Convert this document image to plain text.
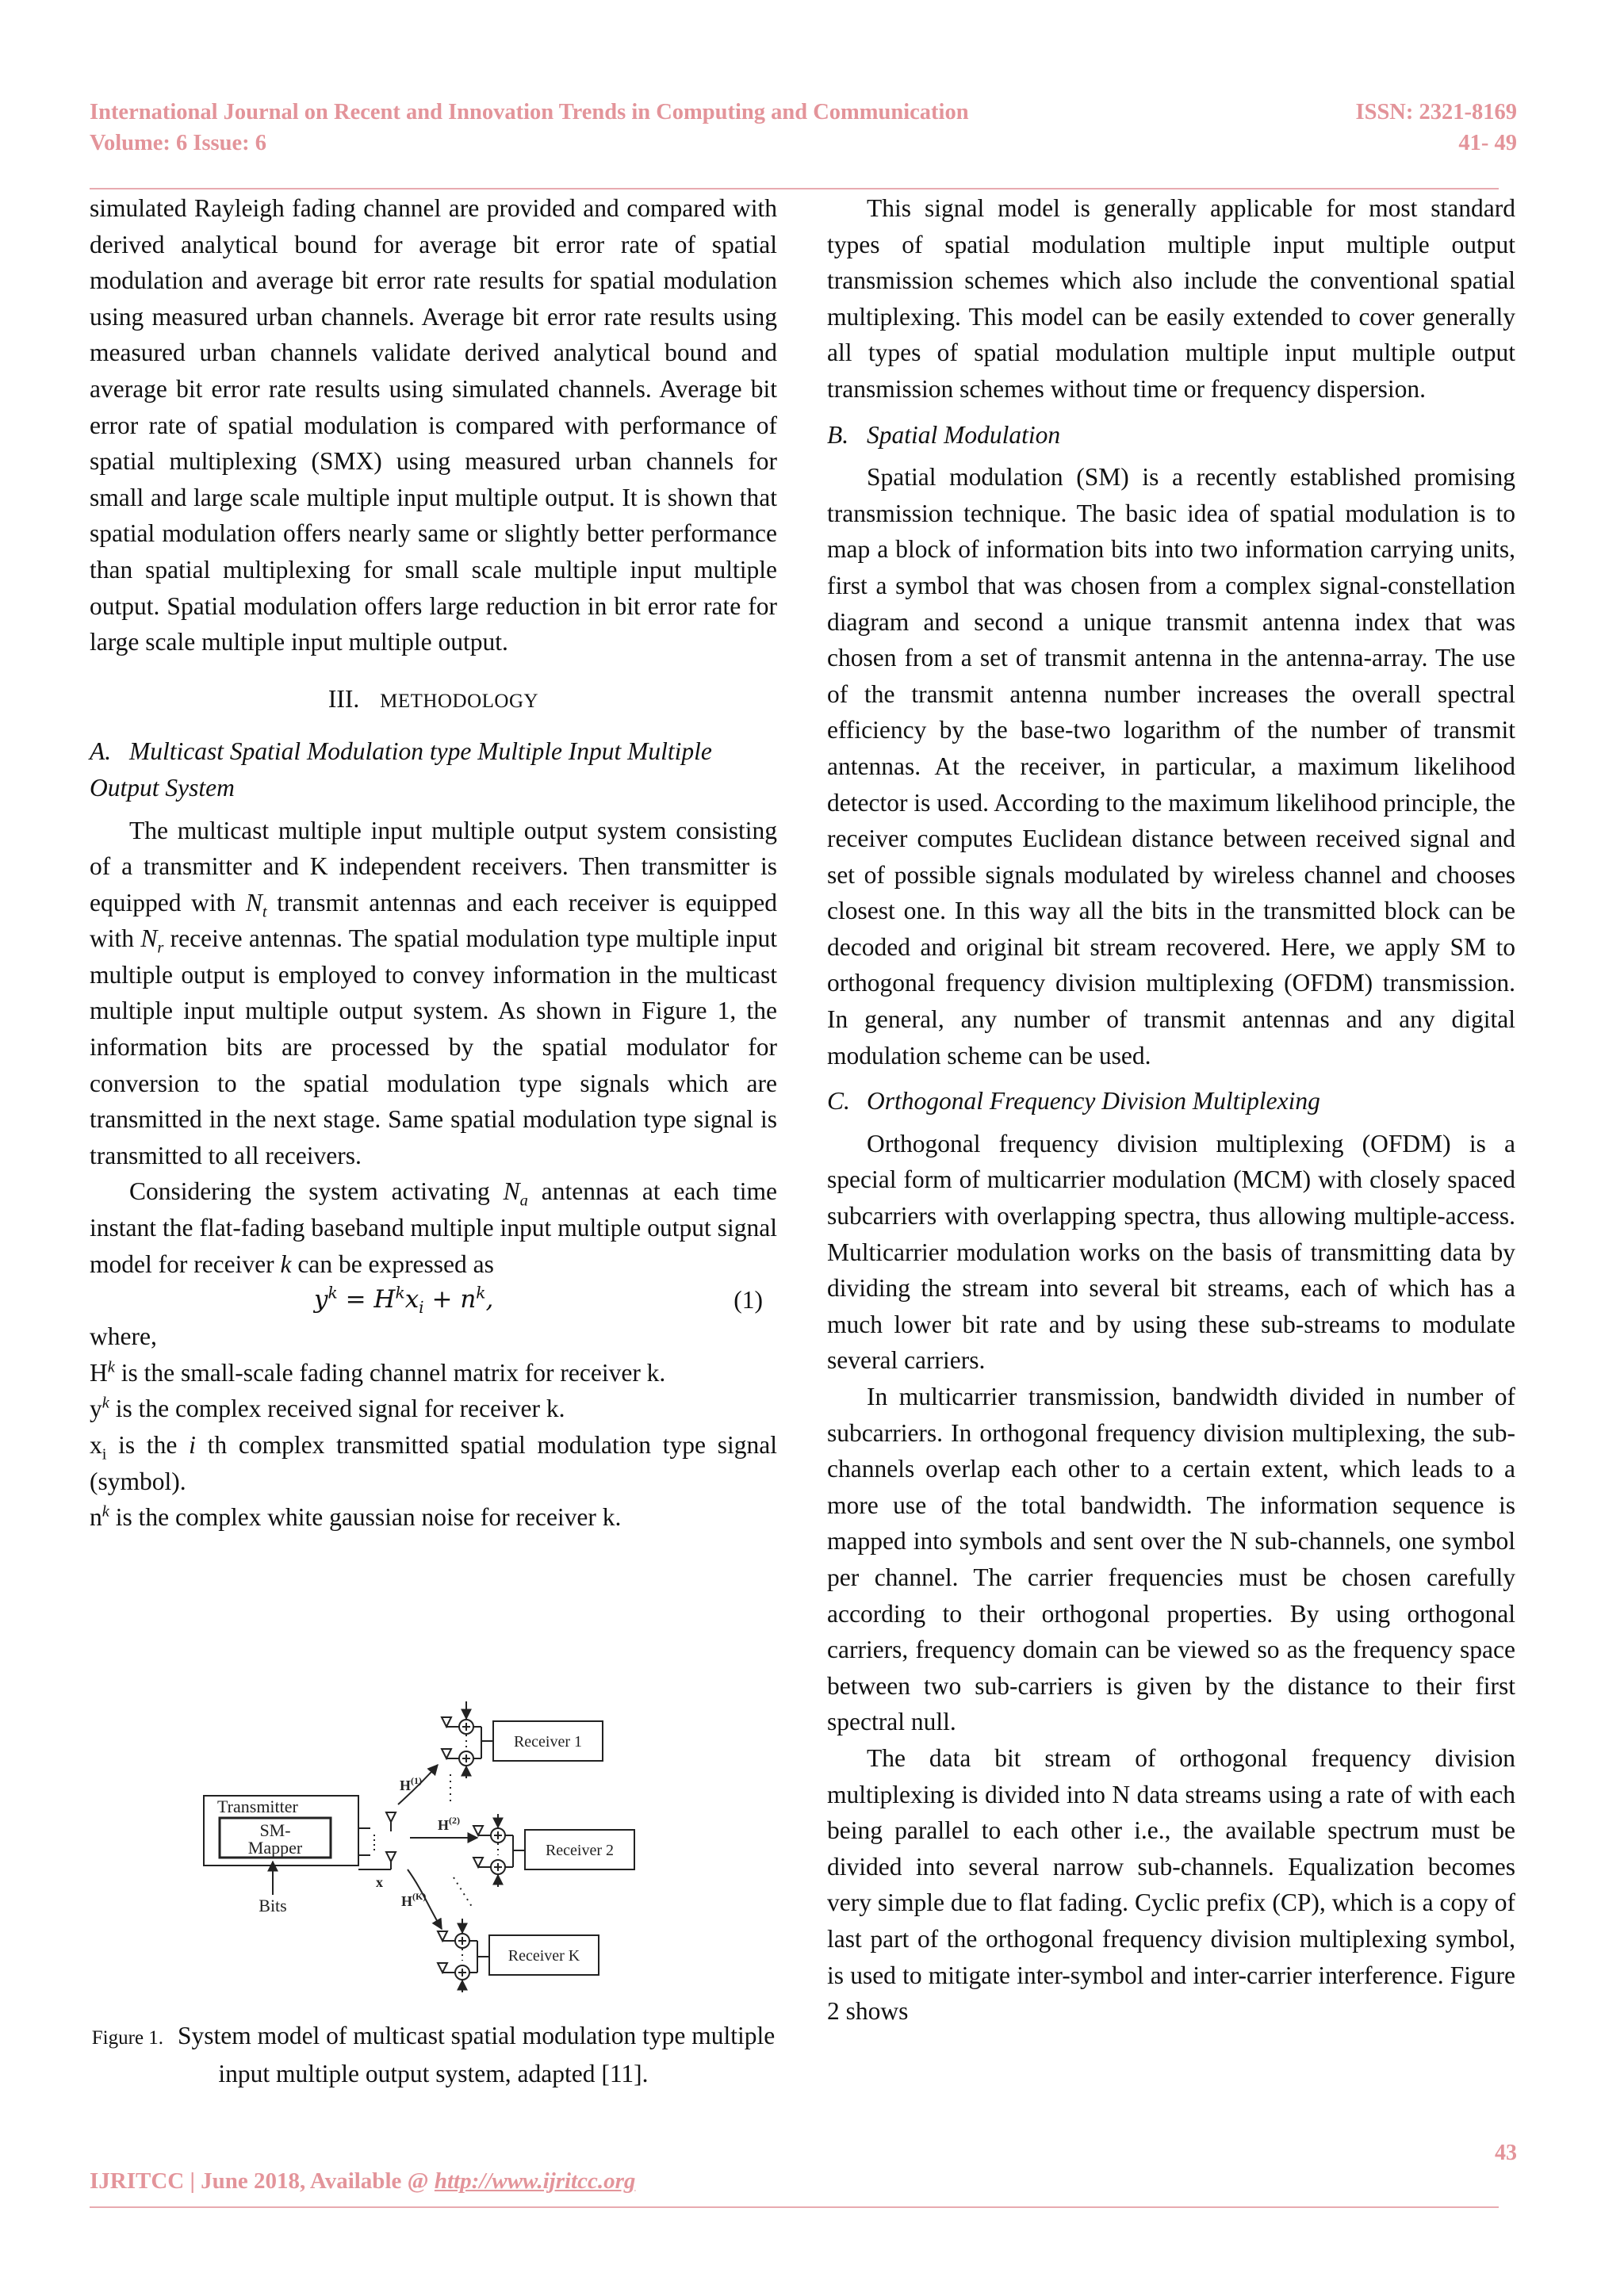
International Journal on Recent and Innovation Trends in Computing and Communication
Volume: 6 Issue: 6
ISSN: 2321-8169
41- 49

simulated Rayleigh fading channel are provided and compared with derived analytical bound for average bit error rate of spatial modulation and average bit error rate results for spatial modulation using measured urban channels. Average bit error rate results using measured urban channels validate derived analytical bound and average bit error rate results using simulated channels. Average bit error rate of spatial modulation is compared with performance of spatial multiplexing (SMX) using measured urban channels for small and large scale multiple input multiple output. It is shown that spatial modulation offers nearly same or slightly better performance than spatial multiplexing for small scale multiple input multiple output. Spatial modulation offers large reduction in bit error rate for large scale multiple input multiple output.

III. METHODOLOGY

A. Multicast Spatial Modulation type Multiple Input Multiple Output System

The multicast multiple input multiple output system consisting of a transmitter and K independent receivers. Then transmitter is equipped with $N_t$ transmit antennas and each receiver is equipped with $N_r$ receive antennas. The spatial modulation type multiple input multiple output is employed to convey information in the multicast multiple input multiple output system. As shown in Figure 1, the information bits are processed by the spatial modulator for conversion to the spatial modulation type signals which are transmitted in the next stage. Same spatial modulation type signal is transmitted to all receivers.

Considering the system activating $N_a$ antennas at each time instant the flat-fading baseband multiple input multiple output signal model for receiver k can be expressed as

$y^k = H^kx_i + n^k$,	(1)

where,

$H^k$ is the small-scale fading channel matrix for receiver k.

$y^k$ is the complex received signal for receiver k.

$x_i$ is the i th complex transmitted spatial modulation type signal (symbol).

$n^k$ is the complex white gaussian noise for receiver k.

Transmitter
SM-
Mapper
Bits
x
Receiver 1
Receiver 2
Receiver K
$H^{(1)}$
$H^{(2)}$
$H^{(K)}$
Figure 1. System model of multicast spatial modulation type multiple input multiple output system, adapted [11].

This signal model is generally applicable for most standard types of spatial modulation multiple input multiple output transmission schemes which also include the conventional spatial multiplexing. This model can be easily extended to cover generally all types of spatial modulation multiple input multiple output transmission schemes without time or frequency dispersion.

B. Spatial Modulation

Spatial modulation (SM) is a recently established promising transmission technique. The basic idea of spatial modulation is to map a block of information bits into two information carrying units, first a symbol that was chosen from a complex signal-constellation diagram and second a unique transmit antenna index that was chosen from a set of transmit antenna in the antenna-array. The use of the transmit antenna number increases the overall spectral efficiency by the base-two logarithm of the number of transmit antennas. At the receiver, in particular, a maximum likelihood detector is used. According to the maximum likelihood principle, the receiver computes Euclidean distance between received signal and set of possible signals modulated by wireless channel and chooses closest one. In this way all the bits in the transmitted block can be decoded and original bit stream recovered. Here, we apply SM to orthogonal frequency division multiplexing (OFDM) transmission. In general, any number of transmit antennas and any digital modulation scheme can be used.

C. Orthogonal Frequency Division Multiplexing

Orthogonal frequency division multiplexing (OFDM) is a special form of multicarrier modulation (MCM) with closely spaced subcarriers with overlapping spectra, thus allowing multiple-access. Multicarrier modulation works on the basis of transmitting data by dividing the stream into several bit streams, each of which has a much lower bit rate and by using these sub-streams to modulate several carriers.

In multicarrier transmission, bandwidth divided in number of subcarriers. In orthogonal frequency division multiplexing, the sub-channels overlap each other to a certain extent, which leads to a more use of the total bandwidth. The information sequence is mapped into symbols and sent over the N sub-channels, one symbol per channel. The carrier frequencies must be chosen carefully according to their orthogonal properties. By using orthogonal carriers, frequency domain can be viewed so as the frequency space between two sub-carriers is given by the distance to their first spectral null.

The data bit stream of orthogonal frequency division multiplexing is divided into N data streams using a rate of with each being parallel to each other i.e., the available spectrum must be divided into several narrow sub-channels. Equalization becomes very simple due to flat fading. Cyclic prefix (CP), which is a copy of last part of the orthogonal frequency division multiplexing symbol, is used to mitigate inter-symbol and inter-carrier interference. Figure 2 shows

43
IJRITCC | June 2018, Available @ http://www.ijritcc.org
